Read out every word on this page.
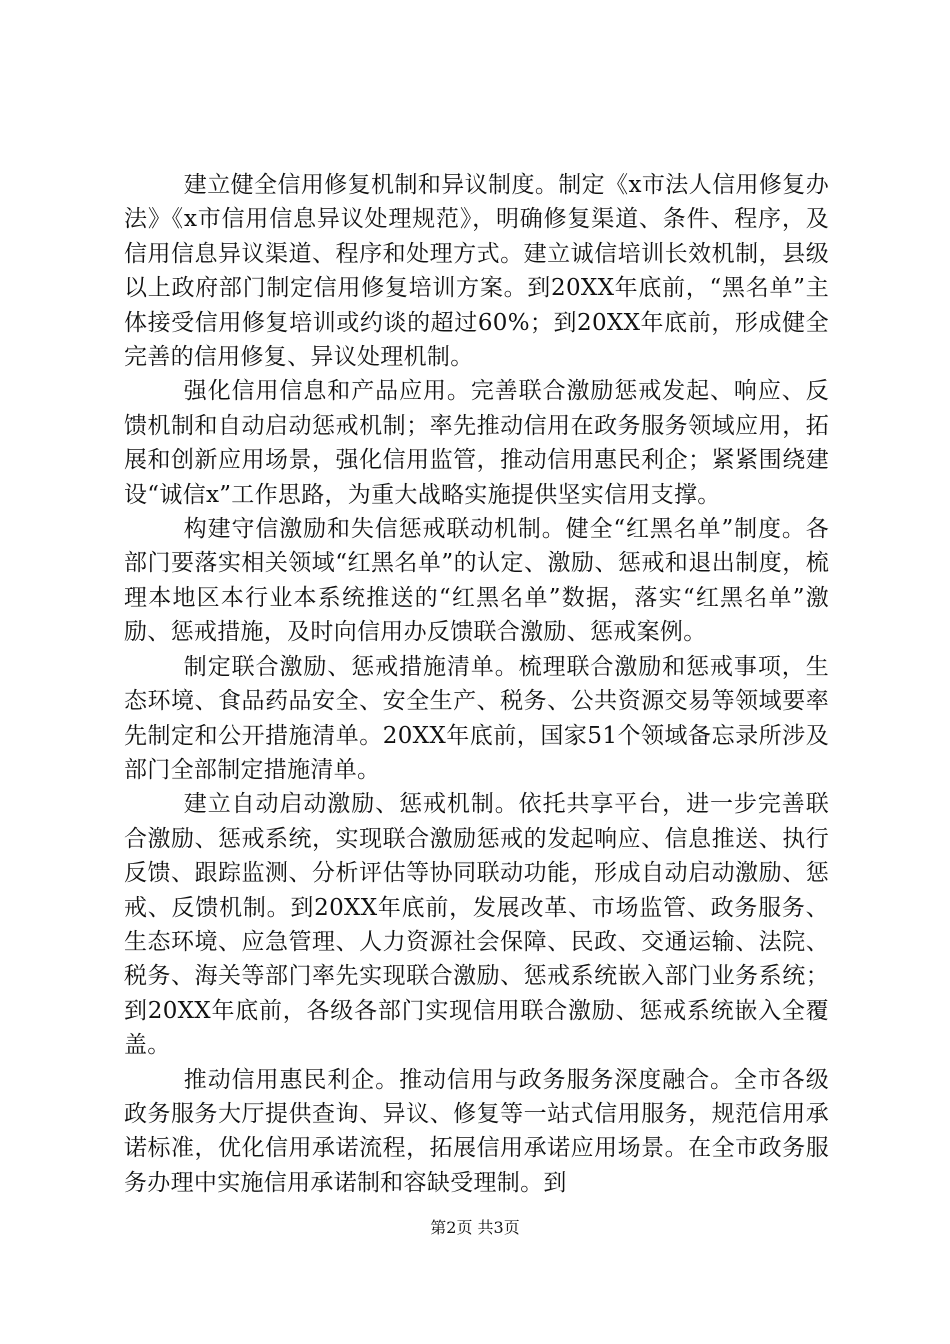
建立健全信用修复机制和异议制度。制定《x市法人信用修复办法》《x市信用信息异议处理规范》，明确修复渠道、条件、程序，及信用信息异议渠道、程序和处理方式。建立诚信培训长效机制，县级以上政府部门制定信用修复培训方案。到20XX年底前，“黑名单”主体接受信用修复培训或约谈的超过60%；到20XX年底前，形成健全完善的信用修复、异议处理机制。

强化信用信息和产品应用。完善联合激励惩戒发起、响应、反馈机制和自动启动惩戒机制；率先推动信用在政务服务领域应用，拓展和创新应用场景，强化信用监管，推动信用惠民利企；紧紧围绕建设“诚信x”工作思路，为重大战略实施提供坚实信用支撑。

构建守信激励和失信惩戒联动机制。健全“红黑名单”制度。各部门要落实相关领域“红黑名单”的认定、激励、惩戒和退出制度，梳理本地区本行业本系统推送的“红黑名单”数据，落实“红黑名单”激励、惩戒措施，及时向信用办反馈联合激励、惩戒案例。

制定联合激励、惩戒措施清单。梳理联合激励和惩戒事项，生态环境、食品药品安全、安全生产、税务、公共资源交易等领域要率先制定和公开措施清单。20XX年底前，国家51个领域备忘录所涉及部门全部制定措施清单。

建立自动启动激励、惩戒机制。依托共享平台，进一步完善联合激励、惩戒系统，实现联合激励惩戒的发起响应、信息推送、执行反馈、跟踪监测、分析评估等协同联动功能，形成自动启动激励、惩戒、反馈机制。到20XX年底前，发展改革、市场监管、政务服务、生态环境、应急管理、人力资源社会保障、民政、交通运输、法院、税务、海关等部门率先实现联合激励、惩戒系统嵌入部门业务系统；到20XX年底前，各级各部门实现信用联合激励、惩戒系统嵌入全覆盖。

推动信用惠民利企。推动信用与政务服务深度融合。全市各级政务服务大厅提供查询、异议、修复等一站式信用服务，规范信用承诺标准，优化信用承诺流程，拓展信用承诺应用场景。在全市政务服务办理中实施信用承诺制和容缺受理制。到

第2页 共3页
